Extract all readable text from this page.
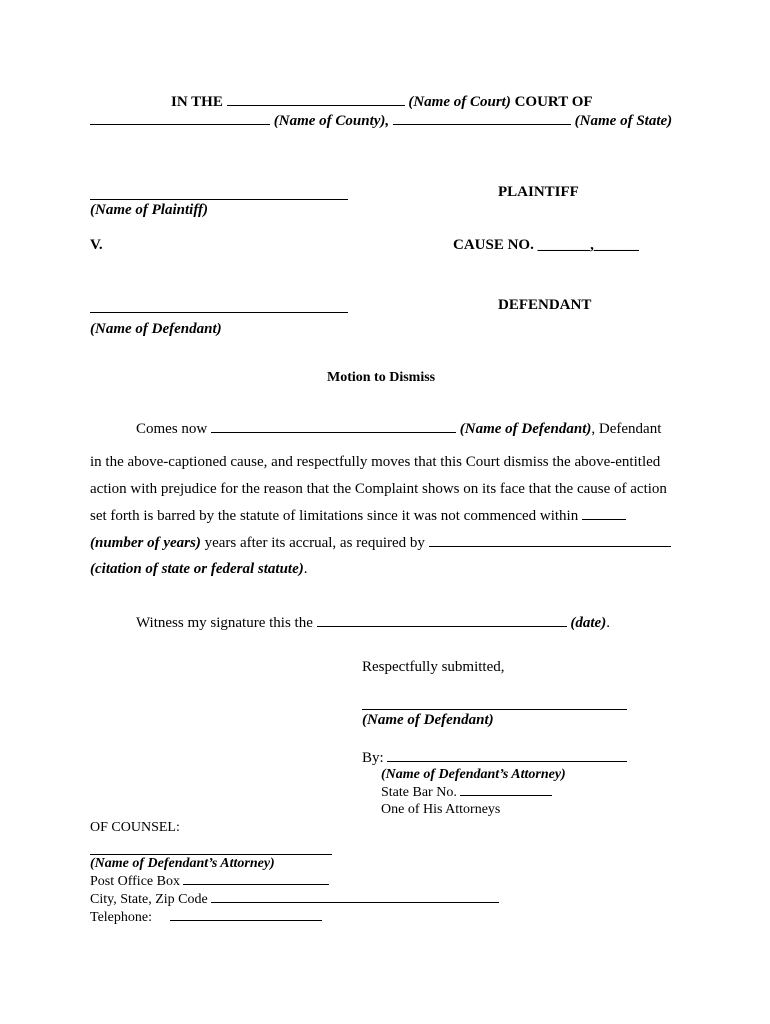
IN THE	(Name of Court) COURT OF
(Name of County),	(Name of State)
PLAINTIFF
(Name of Plaintiff)
V.	CAUSE NO. _______,______
DEFENDANT
(Name of Defendant)
Motion to Dismiss
Comes now	(Name of Defendant), Defendant
in the above-captioned cause, and respectfully moves that this Court dismiss the above-entitled
action with prejudice for the reason that the Complaint shows on its face that the cause of action
set forth is barred by the statute of limitations since it was not commenced within
(number of years) years after its accrual, as required by
(citation of state or federal statute).
Witness my signature this the	(date).
Respectfully submitted,
(Name of Defendant)
By:
(Name of Defendant’s Attorney)
State Bar No.
One of His Attorneys
OF COUNSEL:
(Name of Defendant’s Attorney)
Post Office Box
City, State, Zip Code
Telephone:
